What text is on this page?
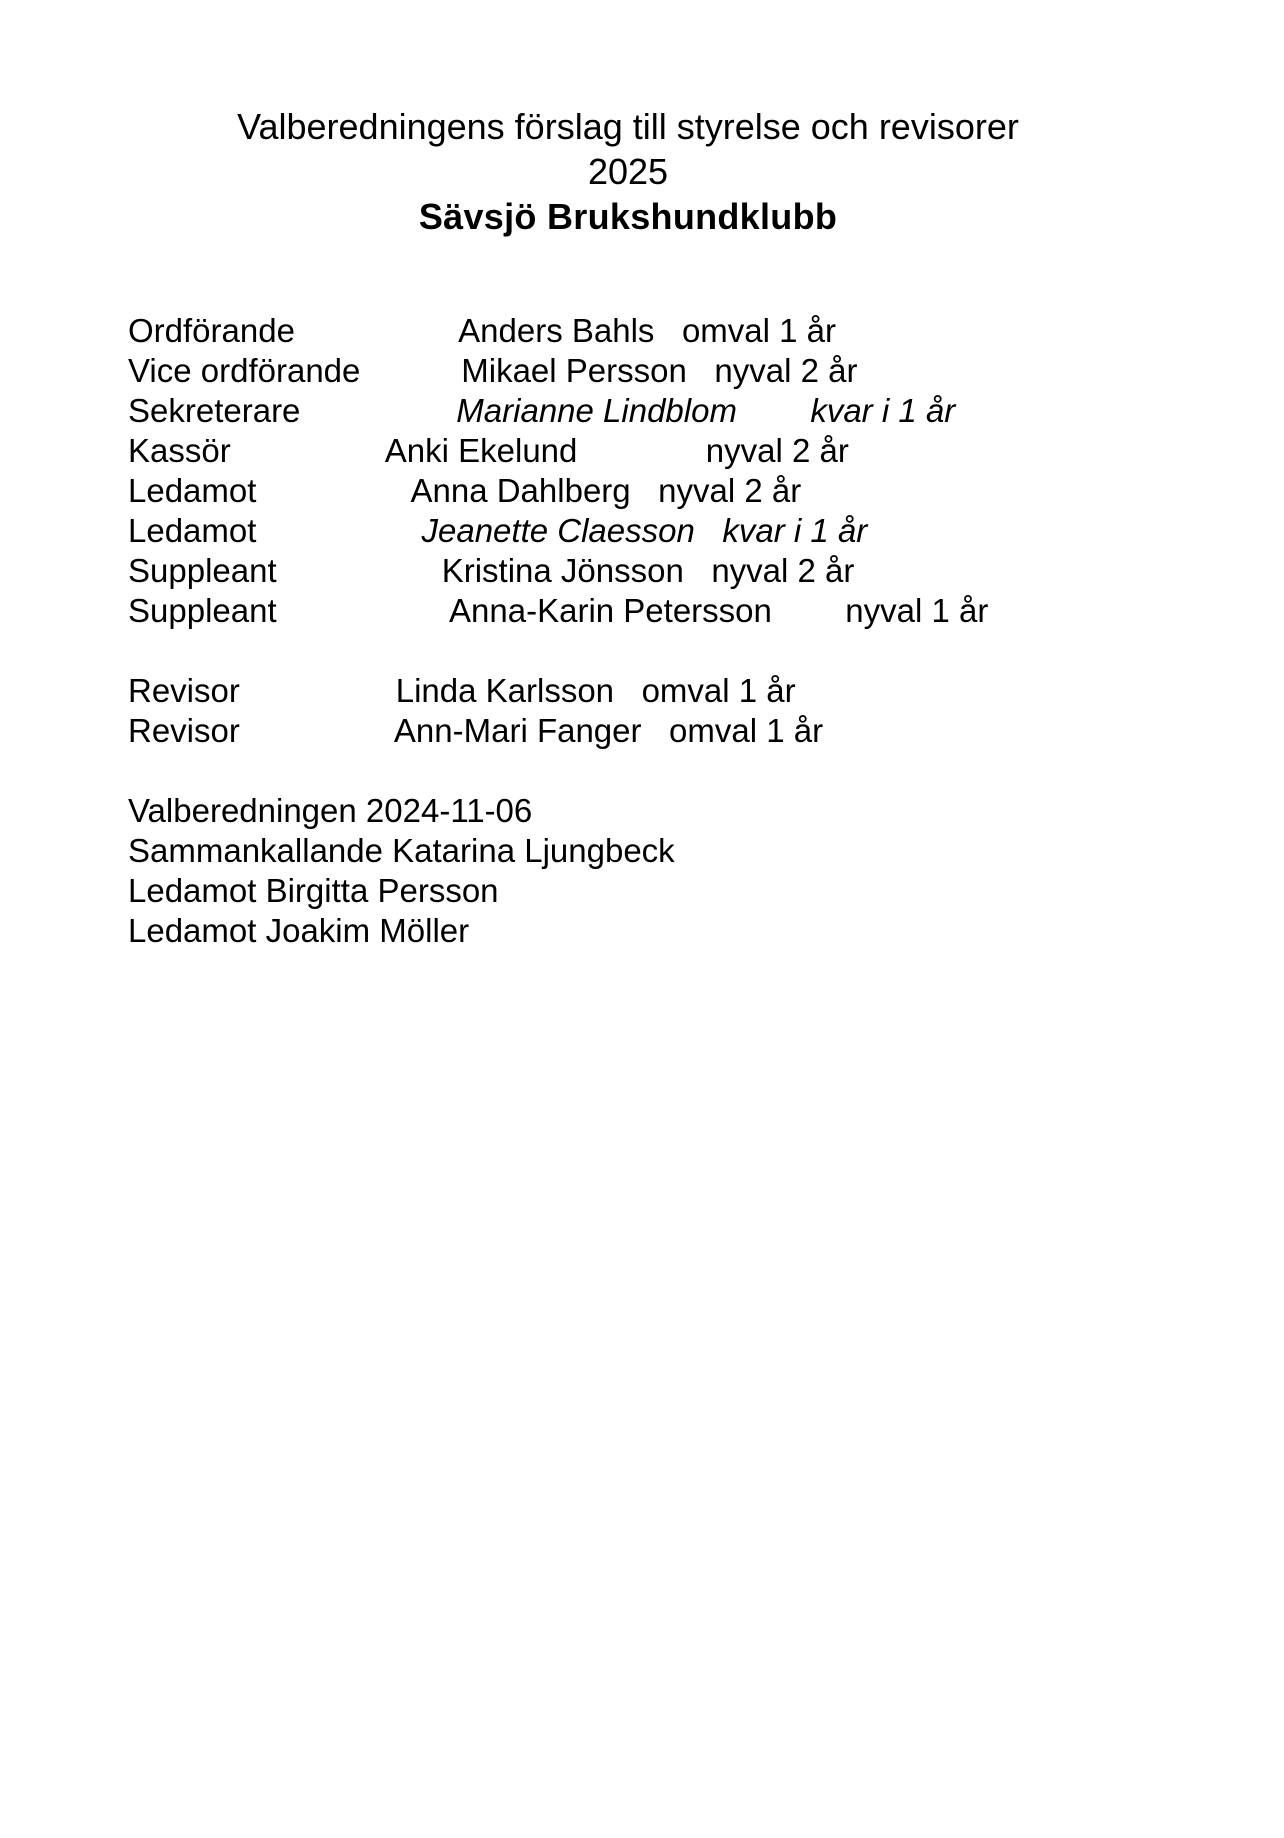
Valberedningens förslag till styrelse och revisorer
2025
Sävsjö Brukshundklubb

Ordförande	Anders Bahls omval 1 år

Vice ordförande	Mikael Persson nyval 2 år

Sekreterare	Marianne Lindblom kvar i 1 år

Kassör	Anki Ekelund	nyval 2 år

Ledamot	Anna Dahlberg nyval 2 år

Ledamot	Jeanette Claesson kvar i 1 år

Suppleant	Kristina Jönsson nyval 2 år

Suppleant	Anna-Karin Petersson nyval 1 år

Revisor	Linda Karlsson omval 1 år

Revisor	Ann-Mari Fanger omval 1 år

Valberedningen 2024-11-06

Sammankallande Katarina Ljungbeck

Ledamot Birgitta Persson

Ledamot Joakim Möller
